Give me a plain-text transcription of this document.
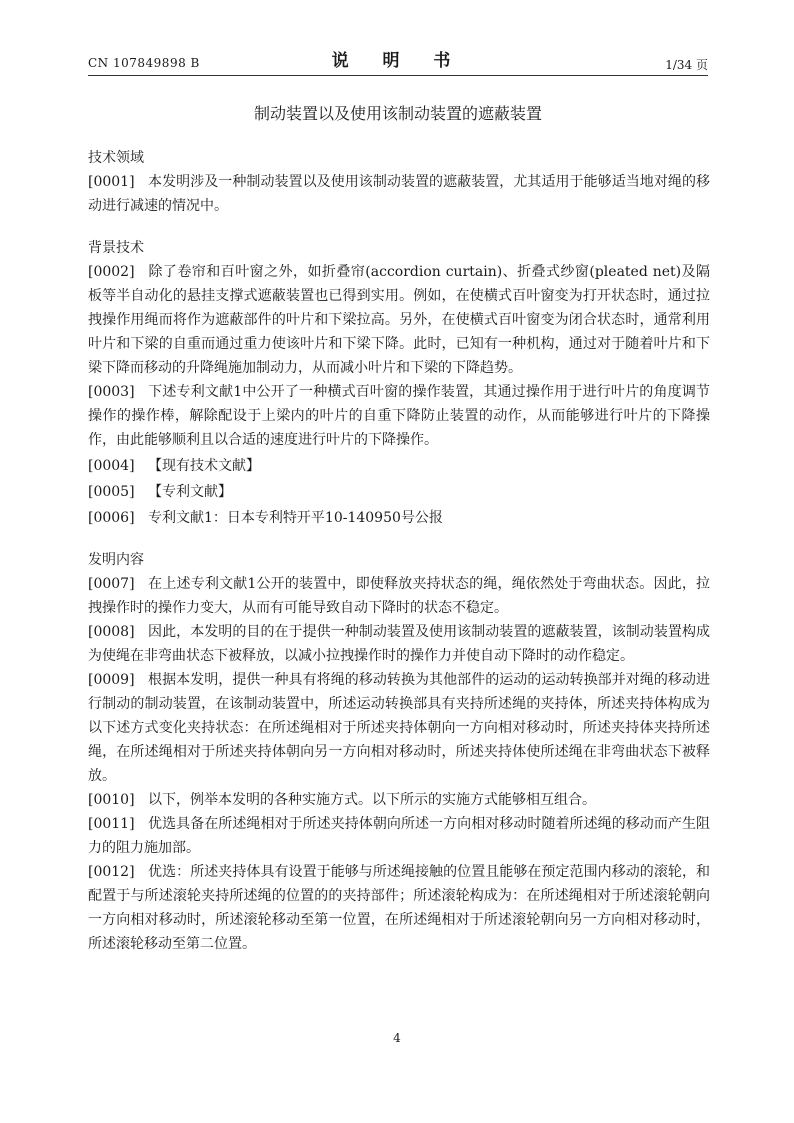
CN 107849898 B	说 明 书	1/34 页
制动装置以及使用该制动装置的遮蔽装置
技术领域

[0001] 本发明涉及一种制动装置以及使用该制动装置的遮蔽装置，尤其适用于能够适当地对绳的移动进行减速的情况中。

背景技术

[0002] 除了卷帘和百叶窗之外，如折叠帘(accordion curtain)、折叠式纱窗(pleated net)及隔板等半自动化的悬挂支撑式遮蔽装置也已得到实用。例如，在使横式百叶窗变为打开状态时，通过拉拽操作用绳而将作为遮蔽部件的叶片和下梁拉高。另外，在使横式百叶窗变为闭合状态时，通常利用叶片和下梁的自重而通过重力使该叶片和下梁下降。此时，已知有一种机构，通过对于随着叶片和下梁下降而移动的升降绳施加制动力，从而减小叶片和下梁的下降趋势。

[0003] 下述专利文献1中公开了一种横式百叶窗的操作装置，其通过操作用于进行叶片的角度调节操作的操作棒，解除配设于上梁内的叶片的自重下降防止装置的动作，从而能够进行叶片的下降操作，由此能够顺利且以合适的速度进行叶片的下降操作。

[0004] 【现有技术文献】

[0005] 【专利文献】

[0006] 专利文献1：日本专利特开平10-140950号公报

发明内容

[0007] 在上述专利文献1公开的装置中，即使释放夹持状态的绳，绳依然处于弯曲状态。因此，拉拽操作时的操作力变大，从而有可能导致自动下降时的状态不稳定。

[0008] 因此，本发明的目的在于提供一种制动装置及使用该制动装置的遮蔽装置，该制动装置构成为使绳在非弯曲状态下被释放，以减小拉拽操作时的操作力并使自动下降时的动作稳定。

[0009] 根据本发明，提供一种具有将绳的移动转换为其他部件的运动的运动转换部并对绳的移动进行制动的制动装置，在该制动装置中，所述运动转换部具有夹持所述绳的夹持体，所述夹持体构成为以下述方式变化夹持状态：在所述绳相对于所述夹持体朝向一方向相对移动时，所述夹持体夹持所述绳，在所述绳相对于所述夹持体朝向另一方向相对移动时，所述夹持体使所述绳在非弯曲状态下被释放。

[0010] 以下，例举本发明的各种实施方式。以下所示的实施方式能够相互组合。

[0011] 优选具备在所述绳相对于所述夹持体朝向所述一方向相对移动时随着所述绳的移动而产生阻力的阻力施加部。

[0012] 优选：所述夹持体具有设置于能够与所述绳接触的位置且能够在预定范围内移动的滚轮，和配置于与所述滚轮夹持所述绳的位置的的夹持部件；所述滚轮构成为：在所述绳相对于所述滚轮朝向一方向相对移动时，所述滚轮移动至第一位置，在所述绳相对于所述滚轮朝向另一方向相对移动时，所述滚轮移动至第二位置。

4
